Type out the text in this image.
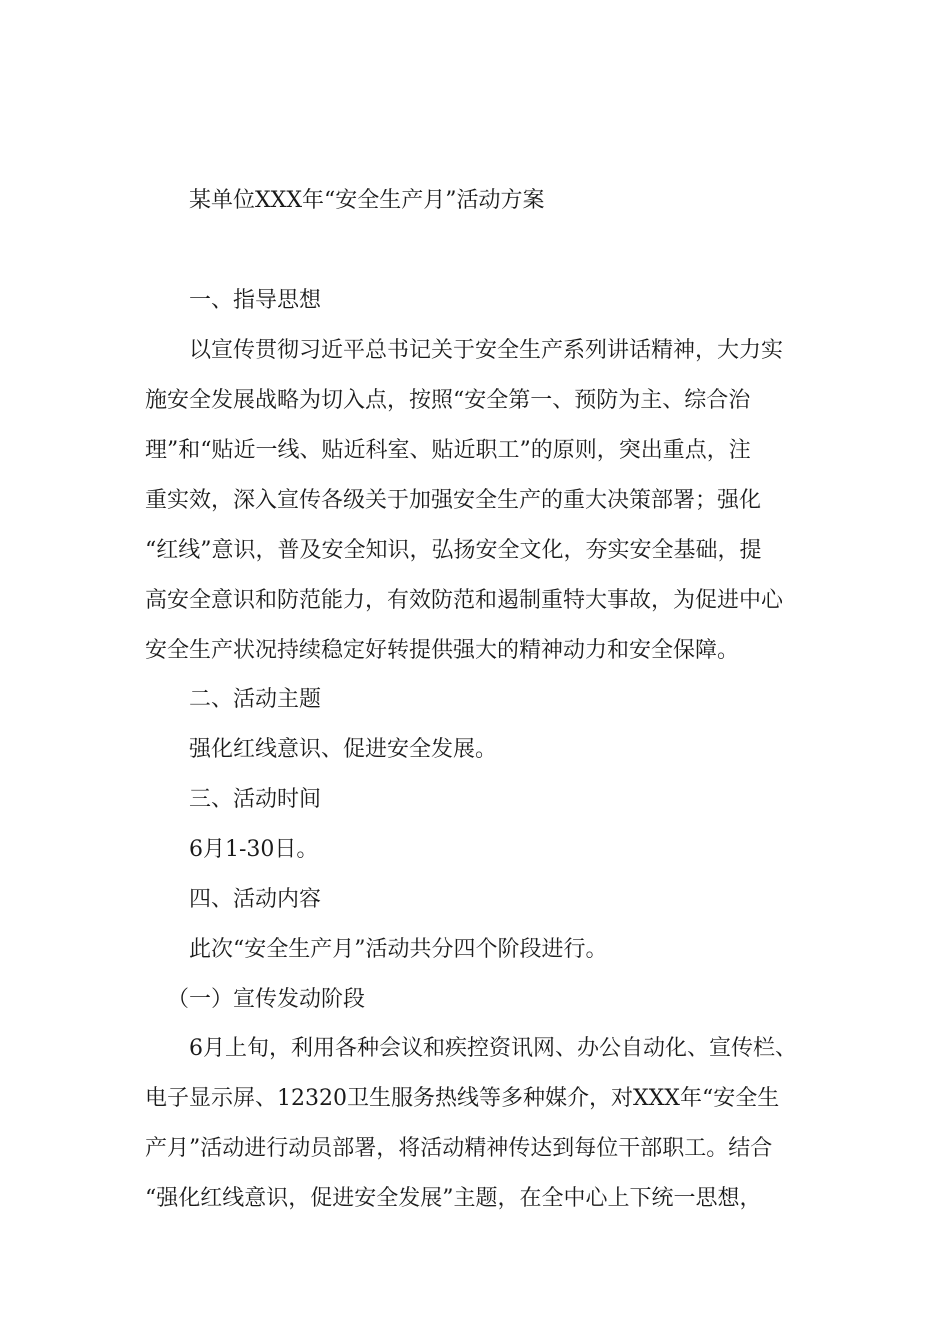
某单位XXX年“安全生产月”活动方案
一、指导思想
以宣传贯彻习近平总书记关于安全生产系列讲话精神，大力实
施安全发展战略为切入点，按照“安全第一、预防为主、综合治
理”和“贴近一线、贴近科室、贴近职工”的原则，突出重点，注
重实效，深入宣传各级关于加强安全生产的重大决策部署；强化
“红线”意识，普及安全知识，弘扬安全文化，夯实安全基础，提
高安全意识和防范能力，有效防范和遏制重特大事故，为促进中心
安全生产状况持续稳定好转提供强大的精神动力和安全保障。
二、活动主题
强化红线意识、促进安全发展。
三、活动时间
6月1-30日。
四、活动内容
此次“安全生产月”活动共分四个阶段进行。
（一）宣传发动阶段
6月上旬，利用各种会议和疾控资讯网、办公自动化、宣传栏、
电子显示屏、12320卫生服务热线等多种媒介，对XXX年“安全生
产月”活动进行动员部署，将活动精神传达到每位干部职工。结合
“强化红线意识，促进安全发展”主题，在全中心上下统一思想，
